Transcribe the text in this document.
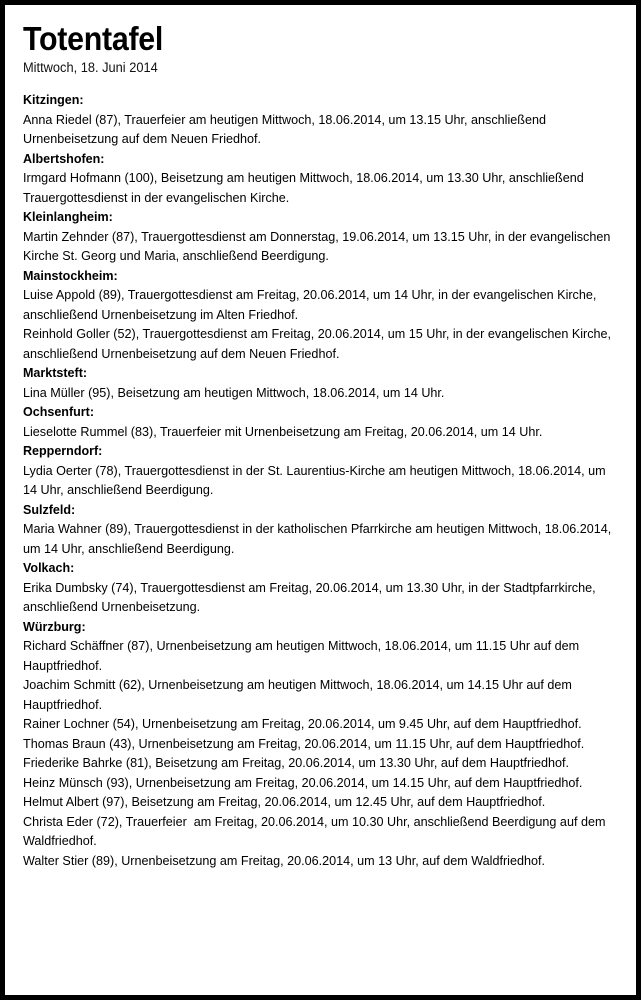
Totentafel
Mittwoch, 18. Juni 2014
Kitzingen:
Anna Riedel (87), Trauerfeier am heutigen Mittwoch, 18.06.2014, um 13.15 Uhr, anschließend Urnenbeisetzung auf dem Neuen Friedhof.
Albertshofen:
Irmgard Hofmann (100), Beisetzung am heutigen Mittwoch, 18.06.2014, um 13.30 Uhr, anschließend Trauergottesdienst in der evangelischen Kirche.
Kleinlangheim:
Martin Zehnder (87), Trauergottesdienst am Donnerstag, 19.06.2014, um 13.15 Uhr, in der evangelischen Kirche St. Georg und Maria, anschließend Beerdigung.
Mainstockheim:
Luise Appold (89), Trauergottesdienst am Freitag, 20.06.2014, um 14 Uhr, in der evangelischen Kirche, anschließend Urnenbeisetzung im Alten Friedhof.
Reinhold Goller (52), Trauergottesdienst am Freitag, 20.06.2014, um 15 Uhr, in der evangelischen Kirche, anschließend Urnenbeisetzung auf dem Neuen Friedhof.
Marktsteft:
Lina Müller (95), Beisetzung am heutigen Mittwoch, 18.06.2014, um 14 Uhr.
Ochsenfurt:
Lieselotte Rummel (83), Trauerfeier mit Urnenbeisetzung am Freitag, 20.06.2014, um 14 Uhr.
Repperndorf:
Lydia Oerter (78), Trauergottesdienst in der St. Laurentius-Kirche am heutigen Mittwoch, 18.06.2014, um 14 Uhr, anschließend Beerdigung.
Sulzfeld:
Maria Wahner (89), Trauergottesdienst in der katholischen Pfarrkirche am heutigen Mittwoch, 18.06.2014, um 14 Uhr, anschließend Beerdigung.
Volkach:
Erika Dumbsky (74), Trauergottesdienst am Freitag, 20.06.2014, um 13.30 Uhr, in der Stadtpfarrkirche, anschließend Urnenbeisetzung.
Würzburg:
Richard Schäffner (87), Urnenbeisetzung am heutigen Mittwoch, 18.06.2014, um 11.15 Uhr auf dem Hauptfriedhof.
Joachim Schmitt (62), Urnenbeisetzung am heutigen Mittwoch, 18.06.2014, um 14.15 Uhr auf dem Hauptfriedhof.
Rainer Lochner (54), Urnenbeisetzung am Freitag, 20.06.2014, um 9.45 Uhr, auf dem Hauptfriedhof.
Thomas Braun (43), Urnenbeisetzung am Freitag, 20.06.2014, um 11.15 Uhr, auf dem Hauptfriedhof.
Friederike Bahrke (81), Beisetzung am Freitag, 20.06.2014, um 13.30 Uhr, auf dem Hauptfriedhof.
Heinz Münsch (93), Urnenbeisetzung am Freitag, 20.06.2014, um 14.15 Uhr, auf dem Hauptfriedhof.
Helmut Albert (97), Beisetzung am Freitag, 20.06.2014, um 12.45 Uhr, auf dem Hauptfriedhof.
Christa Eder (72), Trauerfeier  am Freitag, 20.06.2014, um 10.30 Uhr, anschließend Beerdigung auf dem Waldfriedhof.
Walter Stier (89), Urnenbeisetzung am Freitag, 20.06.2014, um 13 Uhr, auf dem Waldfriedhof.
